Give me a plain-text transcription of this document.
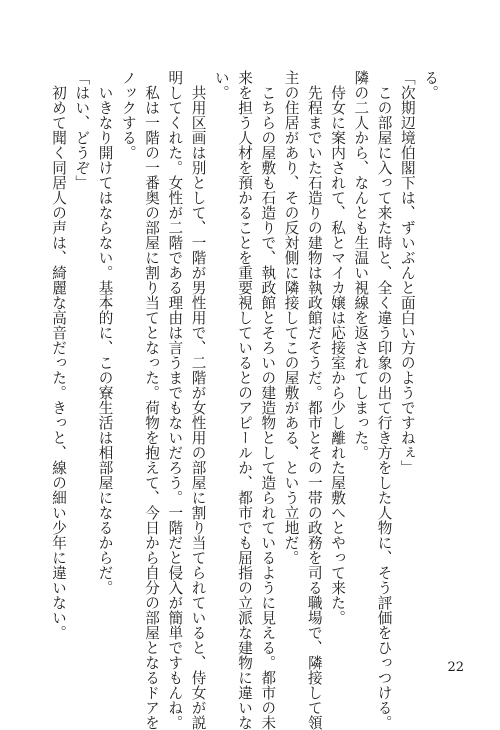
る。
「次期辺境伯閣下は、ずいぶんと面白い方のようですねぇ」
　この部屋に入って来た時と、全く違う印象の出て行き方をした人物に、そう評価をひっつける。
隣の二人から、なんとも生温い視線を返されてしまった。
　侍女に案内されて、私とマイカ嬢は応接室から少し離れた屋敷へとやって来た。
　先程までいた石造りの建物は執政館だそうだ。都市とその一帯の政務を司る職場で、隣接して領
主の住居があり、その反対側に隣接してこの屋敷がある、という立地だ。
　こちらの屋敷も石造りで、執政館とそろいの建造物として造られているように見える。都市の未
来を担う人材を預かることを重要視しているとのアピールか、都市でも屈指の立派な建物に違いな
い。
　共用区画は別として、一階が男性用で、二階が女性用の部屋に割り当てられていると、侍女が説
明してくれた。女性が二階である理由は言うまでもないだろう。一階だと侵入が簡単ですもんね。
　私は一階の一番奥の部屋に割り当てとなった。荷物を抱えて、今日から自分の部屋となるドアを
ノックする。
　いきなり開けてはならない。基本的に、この寮生活は相部屋になるからだ。
「はい、どうぞ」
　初めて聞く同居人の声は、綺麗な高音だった。きっと、線の細い少年に違いない。
22
